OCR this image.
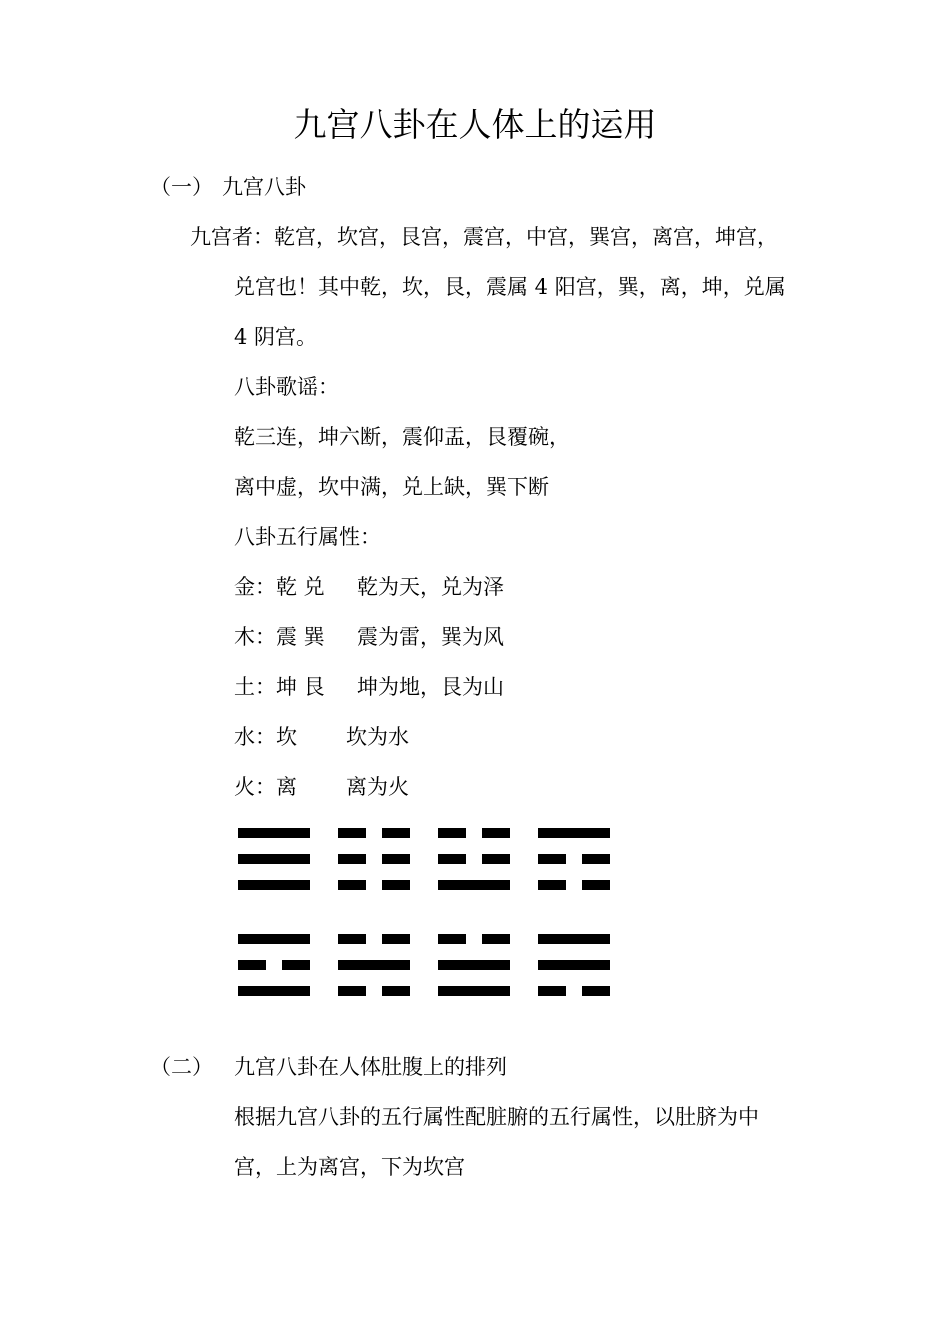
九宫八卦在人体上的运用
（一） 九宫八卦
九宫者：乾宫，坎宫，艮宫，震宫，中宫，巽宫，离宫，坤宫，
兑宫也！其中乾，坎，艮，震属 4 阳宫，巽，离，坤，兑属
4 阴宫。
八卦歌谣：
乾三连，坤六断，震仰盂，艮覆碗，
离中虚，坎中满，兑上缺，巽下断
八卦五行属性：
金：乾 兑 乾为天，兑为泽
木：震 巽 震为雷，巽为风
土：坤 艮 坤为地，艮为山
水：坎 坎为水
火：离 离为火
（二） 九宫八卦在人体肚腹上的排列
根据九宫八卦的五行属性配脏腑的五行属性，以肚脐为中
宫，上为离宫，下为坎宫
